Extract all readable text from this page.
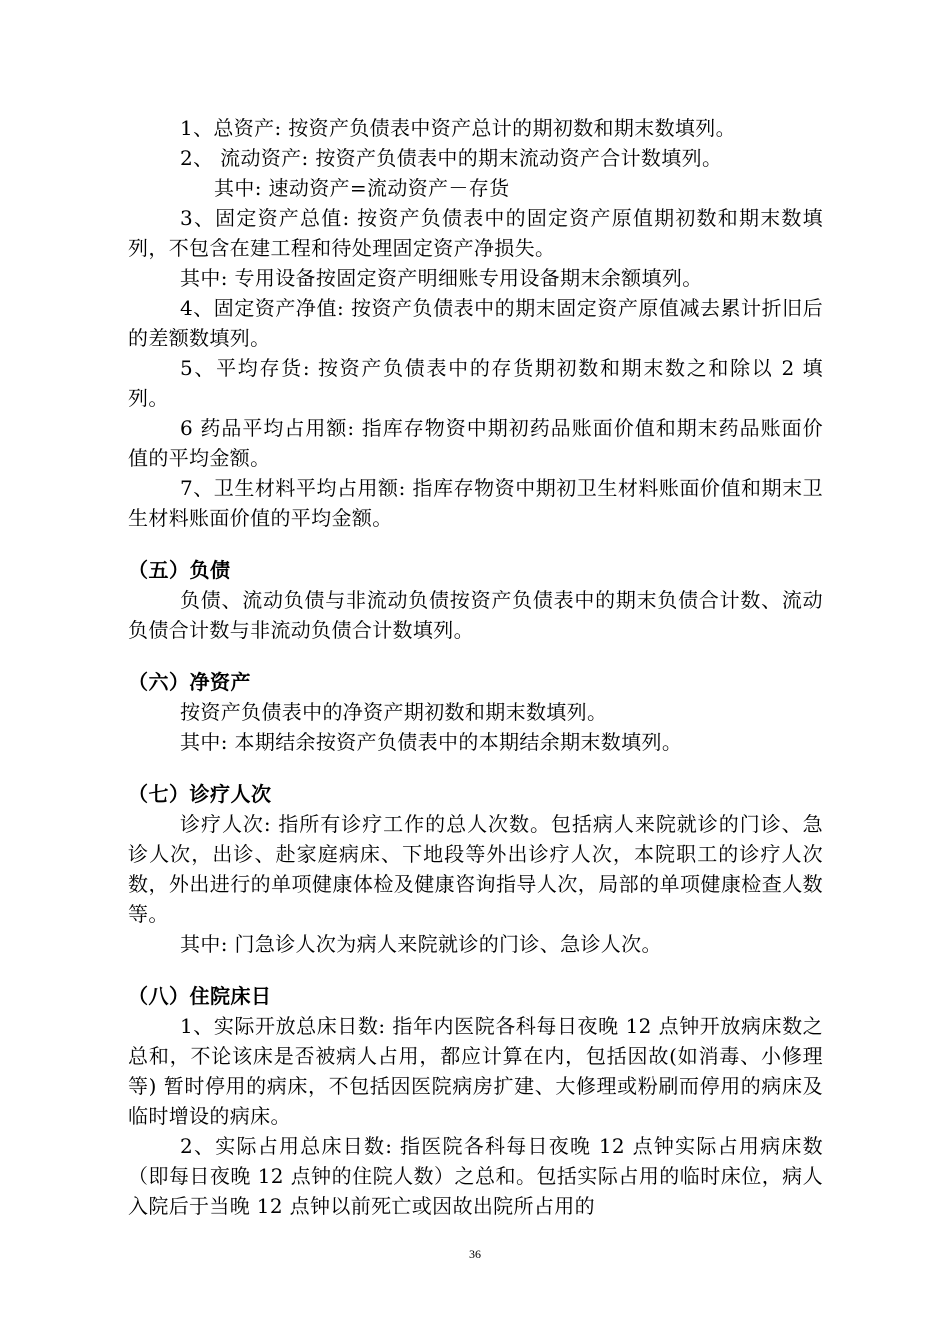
1、总资产: 按资产负债表中资产总计的期初数和期末数填列。

2、 流动资产: 按资产负债表中的期末流动资产合计数填列。

其中: 速动资产=流动资产－存货

3、固定资产总值: 按资产负债表中的固定资产原值期初数和期末数填列，不包含在建工程和待处理固定资产净损失。

其中: 专用设备按固定资产明细账专用设备期末余额填列。

4、固定资产净值: 按资产负债表中的期末固定资产原值减去累计折旧后的差额数填列。

5、平均存货: 按资产负债表中的存货期初数和期末数之和除以 2 填列。

6 药品平均占用额: 指库存物资中期初药品账面价值和期末药品账面价值的平均金额。

7、卫生材料平均占用额: 指库存物资中期初卫生材料账面价值和期末卫生材料账面价值的平均金额。

（五）负债

负债、流动负债与非流动负债按资产负债表中的期末负债合计数、流动负债合计数与非流动负债合计数填列。

（六）净资产

按资产负债表中的净资产期初数和期末数填列。

其中: 本期结余按资产负债表中的本期结余期末数填列。

（七）诊疗人次

诊疗人次: 指所有诊疗工作的总人次数。包括病人来院就诊的门诊、急诊人次，出诊、赴家庭病床、下地段等外出诊疗人次，本院职工的诊疗人次数，外出进行的单项健康体检及健康咨询指导人次，局部的单项健康检查人数等。

其中: 门急诊人次为病人来院就诊的门诊、急诊人次。

（八）住院床日

1、实际开放总床日数: 指年内医院各科每日夜晚 12 点钟开放病床数之总和，不论该床是否被病人占用，都应计算在内，包括因故(如消毒、小修理等) 暂时停用的病床，不包括因医院病房扩建、大修理或粉刷而停用的病床及临时增设的病床。

2、实际占用总床日数: 指医院各科每日夜晚 12 点钟实际占用病床数（即每日夜晚 12 点钟的住院人数）之总和。包括实际占用的临时床位，病人入院后于当晚 12 点钟以前死亡或因故出院所占用的

36
